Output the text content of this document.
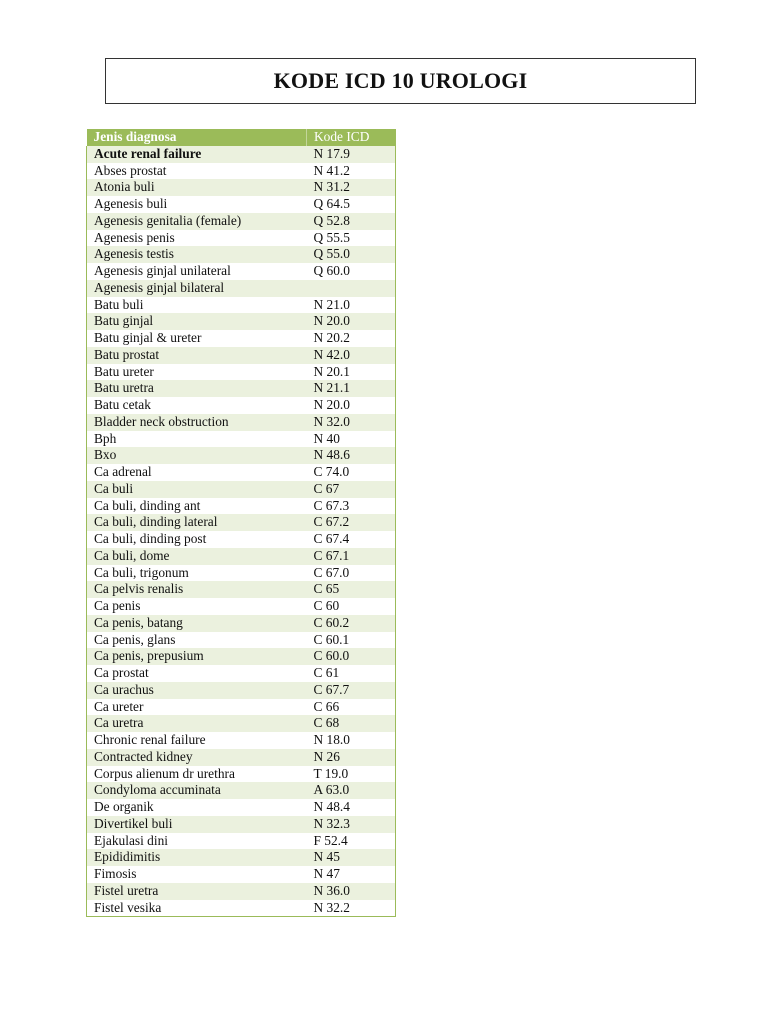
KODE ICD 10 UROLOGI
Jenis diagnosa	Kode ICD
Acute renal failure	N 17.9
Abses prostat	N 41.2
Atonia buli	N 31.2
Agenesis buli	Q 64.5
Agenesis genitalia (female)	Q 52.8
Agenesis penis	Q 55.5
Agenesis testis	Q 55.0
Agenesis ginjal unilateral	Q 60.0
Agenesis ginjal bilateral	
Batu buli	N 21.0
Batu ginjal	N 20.0
Batu ginjal & ureter	N 20.2
Batu prostat	N 42.0
Batu ureter	N 20.1
Batu uretra	N 21.1
Batu cetak	N 20.0
Bladder neck obstruction	N 32.0
Bph	N 40
Bxo	N 48.6
Ca adrenal	C 74.0
Ca buli	C 67
Ca buli, dinding ant	C 67.3
Ca buli, dinding lateral	C 67.2
Ca buli, dinding post	C 67.4
Ca buli, dome	C 67.1
Ca buli, trigonum	C 67.0
Ca pelvis renalis	C 65
Ca penis	C 60
Ca penis, batang	C 60.2
Ca penis, glans	C 60.1
Ca penis, prepusium	C 60.0
Ca prostat	C 61
Ca urachus	C 67.7
Ca ureter	C 66
Ca uretra	C 68
Chronic renal failure	N 18.0
Contracted kidney	N 26
Corpus alienum dr urethra	T 19.0
Condyloma accuminata	A 63.0
De organik	N 48.4
Divertikel buli	N 32.3
Ejakulasi dini	F 52.4
Epididimitis	N 45
Fimosis	N 47
Fistel uretra	N 36.0
Fistel vesika	N 32.2
